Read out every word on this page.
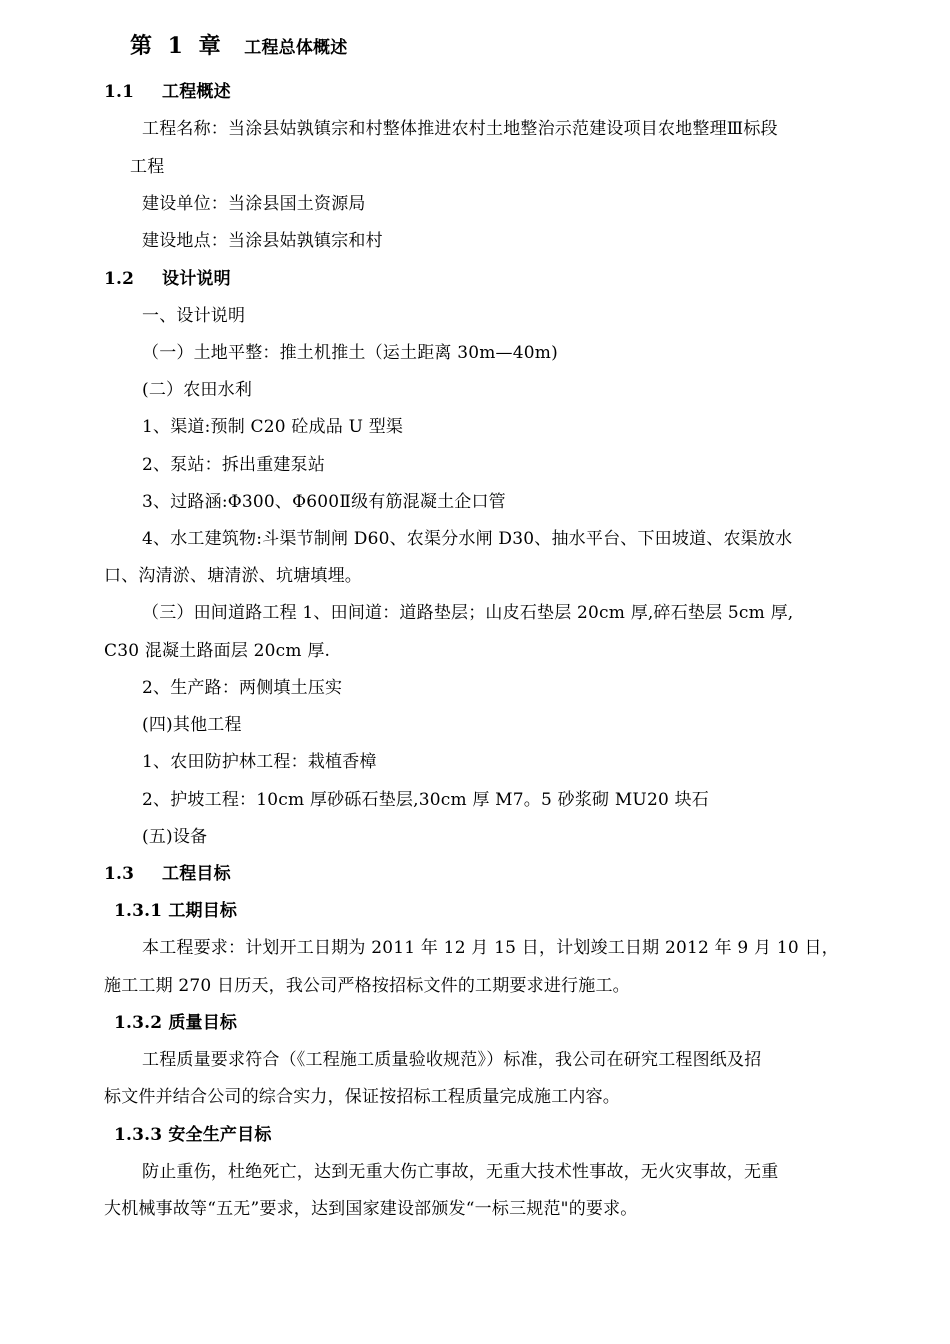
第 1 章 工程总体概述
1.1 工程概述
工程名称：当涂县姑孰镇宗和村整体推进农村土地整治示范建设项目农地整理Ⅲ标段
工程
建设单位：当涂县国土资源局
建设地点：当涂县姑孰镇宗和村
1.2 设计说明
一、设计说明
（一）土地平整：推土机推土（运土距离 30m—40m)
(二）农田水利
1、渠道:预制 C20 砼成品 U 型渠
2、泵站：拆出重建泵站
3、过路涵:Φ300、Φ600Ⅱ级有筋混凝土企口管
4、水工建筑物:斗渠节制闸 D60、农渠分水闸 D30、抽水平台、下田坡道、农渠放水
口、沟清淤、塘清淤、坑塘填埋。
（三）田间道路工程 1、田间道：道路垫层；山皮石垫层 20cm 厚,碎石垫层 5cm 厚,
C30 混凝土路面层 20cm 厚.
2、生产路：两侧填土压实
(四)其他工程
1、农田防护林工程：栽植香樟
2、护坡工程：10cm 厚砂砾石垫层,30cm 厚 M7。5 砂浆砌 MU20 块石
(五)设备
1.3 工程目标
1.3.1 工期目标
本工程要求：计划开工日期为 2011 年 12 月 15 日，计划竣工日期 2012 年 9 月 10 日，
施工工期 270 日历天，我公司严格按招标文件的工期要求进行施工。
1.3.2 质量目标
工程质量要求符合（《工程施工质量验收规范》）标准，我公司在研究工程图纸及招
标文件并结合公司的综合实力，保证按招标工程质量完成施工内容。
1.3.3 安全生产目标
防止重伤，杜绝死亡，达到无重大伤亡事故，无重大技术性事故，无火灾事故，无重
大机械事故等“五无”要求，达到国家建设部颁发“一标三规范"的要求。
